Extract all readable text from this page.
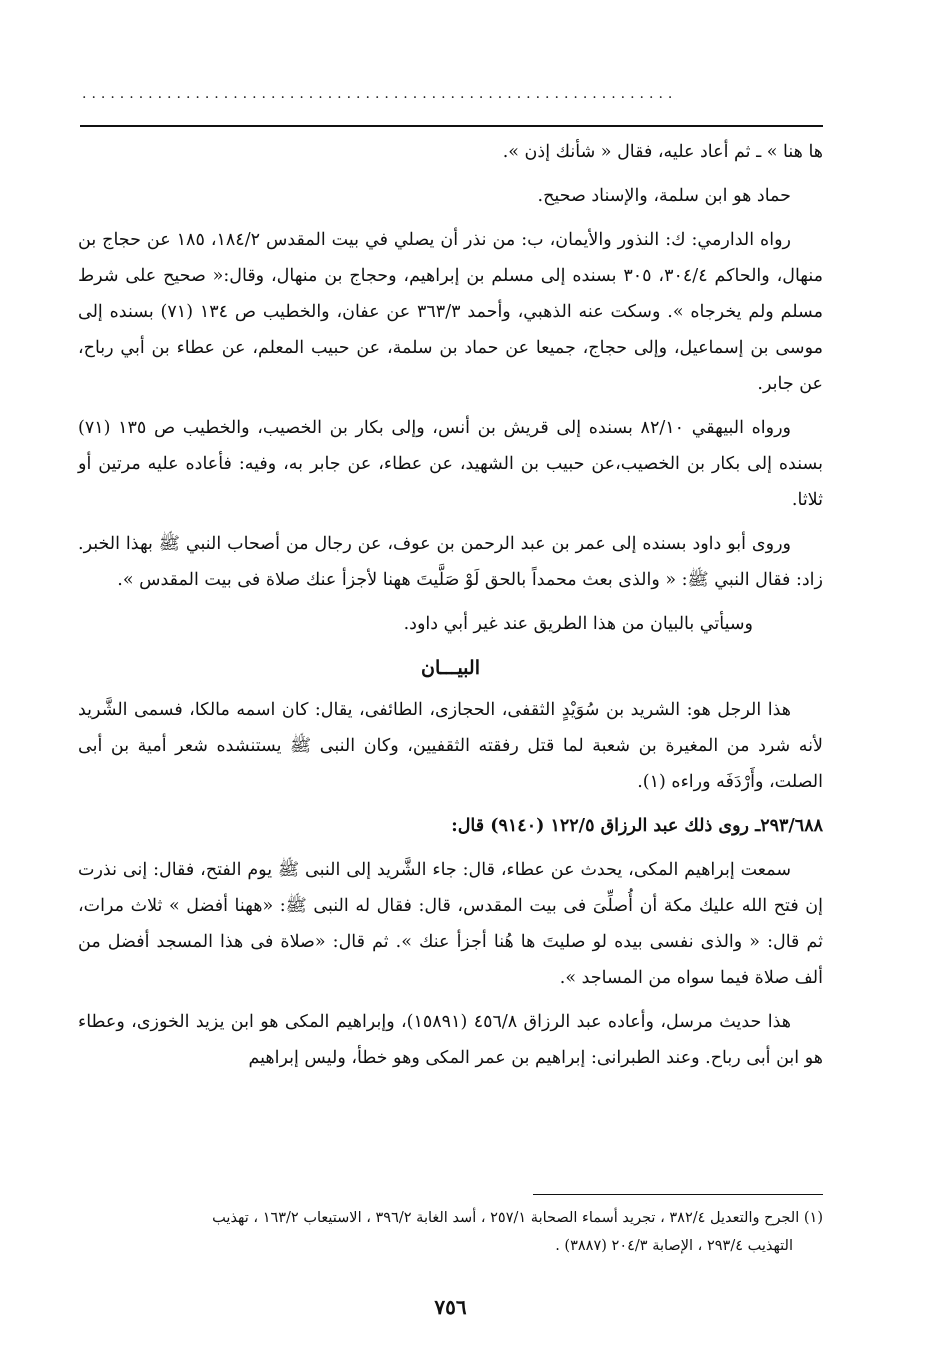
...............................................................

ها هنا » ـ ثم أعاد عليه، فقال « شأنك إذن ».

حماد هو ابن سلمة، والإسناد صحيح.

رواه الدارمي: ك: النذور والأيمان، ب: من نذر أن يصلي في بيت المقدس ١٨٤/٢، ١٨٥ عن حجاج بن منهال، والحاكم ٣٠٤/٤، ٣٠٥ بسنده إلى مسلم بن إبراهيم، وحجاج بن منهال، وقال:« صحيح على شرط مسلم ولم يخرجاه ». وسكت عنه الذهبي، وأحمد ٣٦٣/٣ عن عفان، والخطيب ص ١٣٤ (٧١) بسنده إلى موسى بن إسماعيل، وإلى حجاج، جميعا عن حماد بن سلمة، عن حبيب المعلم، عن عطاء بن أبي رباح، عن جابر.

ورواه البيهقي ٨٢/١٠ بسنده إلى قريش بن أنس، وإلى بكار بن الخصيب، والخطيب ص ١٣٥ (٧١) بسنده إلى بكار بن الخصيب،عن حبيب بن الشهيد، عن عطاء، عن جابر به، وفيه: فأعاده عليه مرتين أو ثلاثا.

وروى أبو داود بسنده إلى عمر بن عبد الرحمن بن عوف، عن رجال من أصحاب النبي ﷺ بهذا الخبر. زاد: فقال النبي ﷺ: « والذى بعث محمداً بالحق لَوْ صَلَّيتَ ههنا لأجزأ عنك صلاة فى بيت المقدس ».

وسيأتي بالبيان من هذا الطريق عند غير أبي داود.

البيـــان

هذا الرجل هو: الشريد بن سُوَيْدٍ الثقفى، الحجازى، الطائفى، يقال: كان اسمه مالكا، فسمى الشَّريد لأنه شرد من المغيرة بن شعبة لما قتل رفقته الثقفيين، وكان النبى ﷺ يستنشده شعر أمية بن أبى الصلت، وأَرْدَفَه وراءه (١).

٢٩٣/٦٨٨ـ روى ذلك عبد الرزاق ١٢٢/٥ (٩١٤٠) قال:

سمعت إبراهيم المكى، يحدث عن عطاء، قال: جاء الشَّريد إلى النبى ﷺ يوم الفتح، فقال: إنى نذرت إن فتح الله عليك مكة أن أُصلِّىَ فى بيت المقدس، قال: فقال له النبى ﷺ: «ههنا أفضل » ثلاث مرات، ثم قال: « والذى نفسى بيده لو صليتَ ها هُنا أجزأ عنك ». ثم قال: «صلاة فى هذا المسجد أفضل من ألف صلاة فيما سواه من المساجد ».

هذا حديث مرسل، وأعاده عبد الرزاق ٤٥٦/٨ (١٥٨٩١)، وإبراهيم المكى هو ابن يزيد الخوزى، وعطاء هو ابن أبى رباح. وعند الطبرانى: إبراهيم بن عمر المكى وهو خطأ، وليس إبراهيم

(١) الجرح والتعديل ٣٨٢/٤ ، تجريد أسماء الصحابة ٢٥٧/١ ، أسد الغابة ٣٩٦/٢ ، الاستيعاب ١٦٣/٢ ، تهذيب

التهذيب ٢٩٣/٤ ، الإصابة ٢٠٤/٣ (٣٨٨٧) .

٧٥٦
